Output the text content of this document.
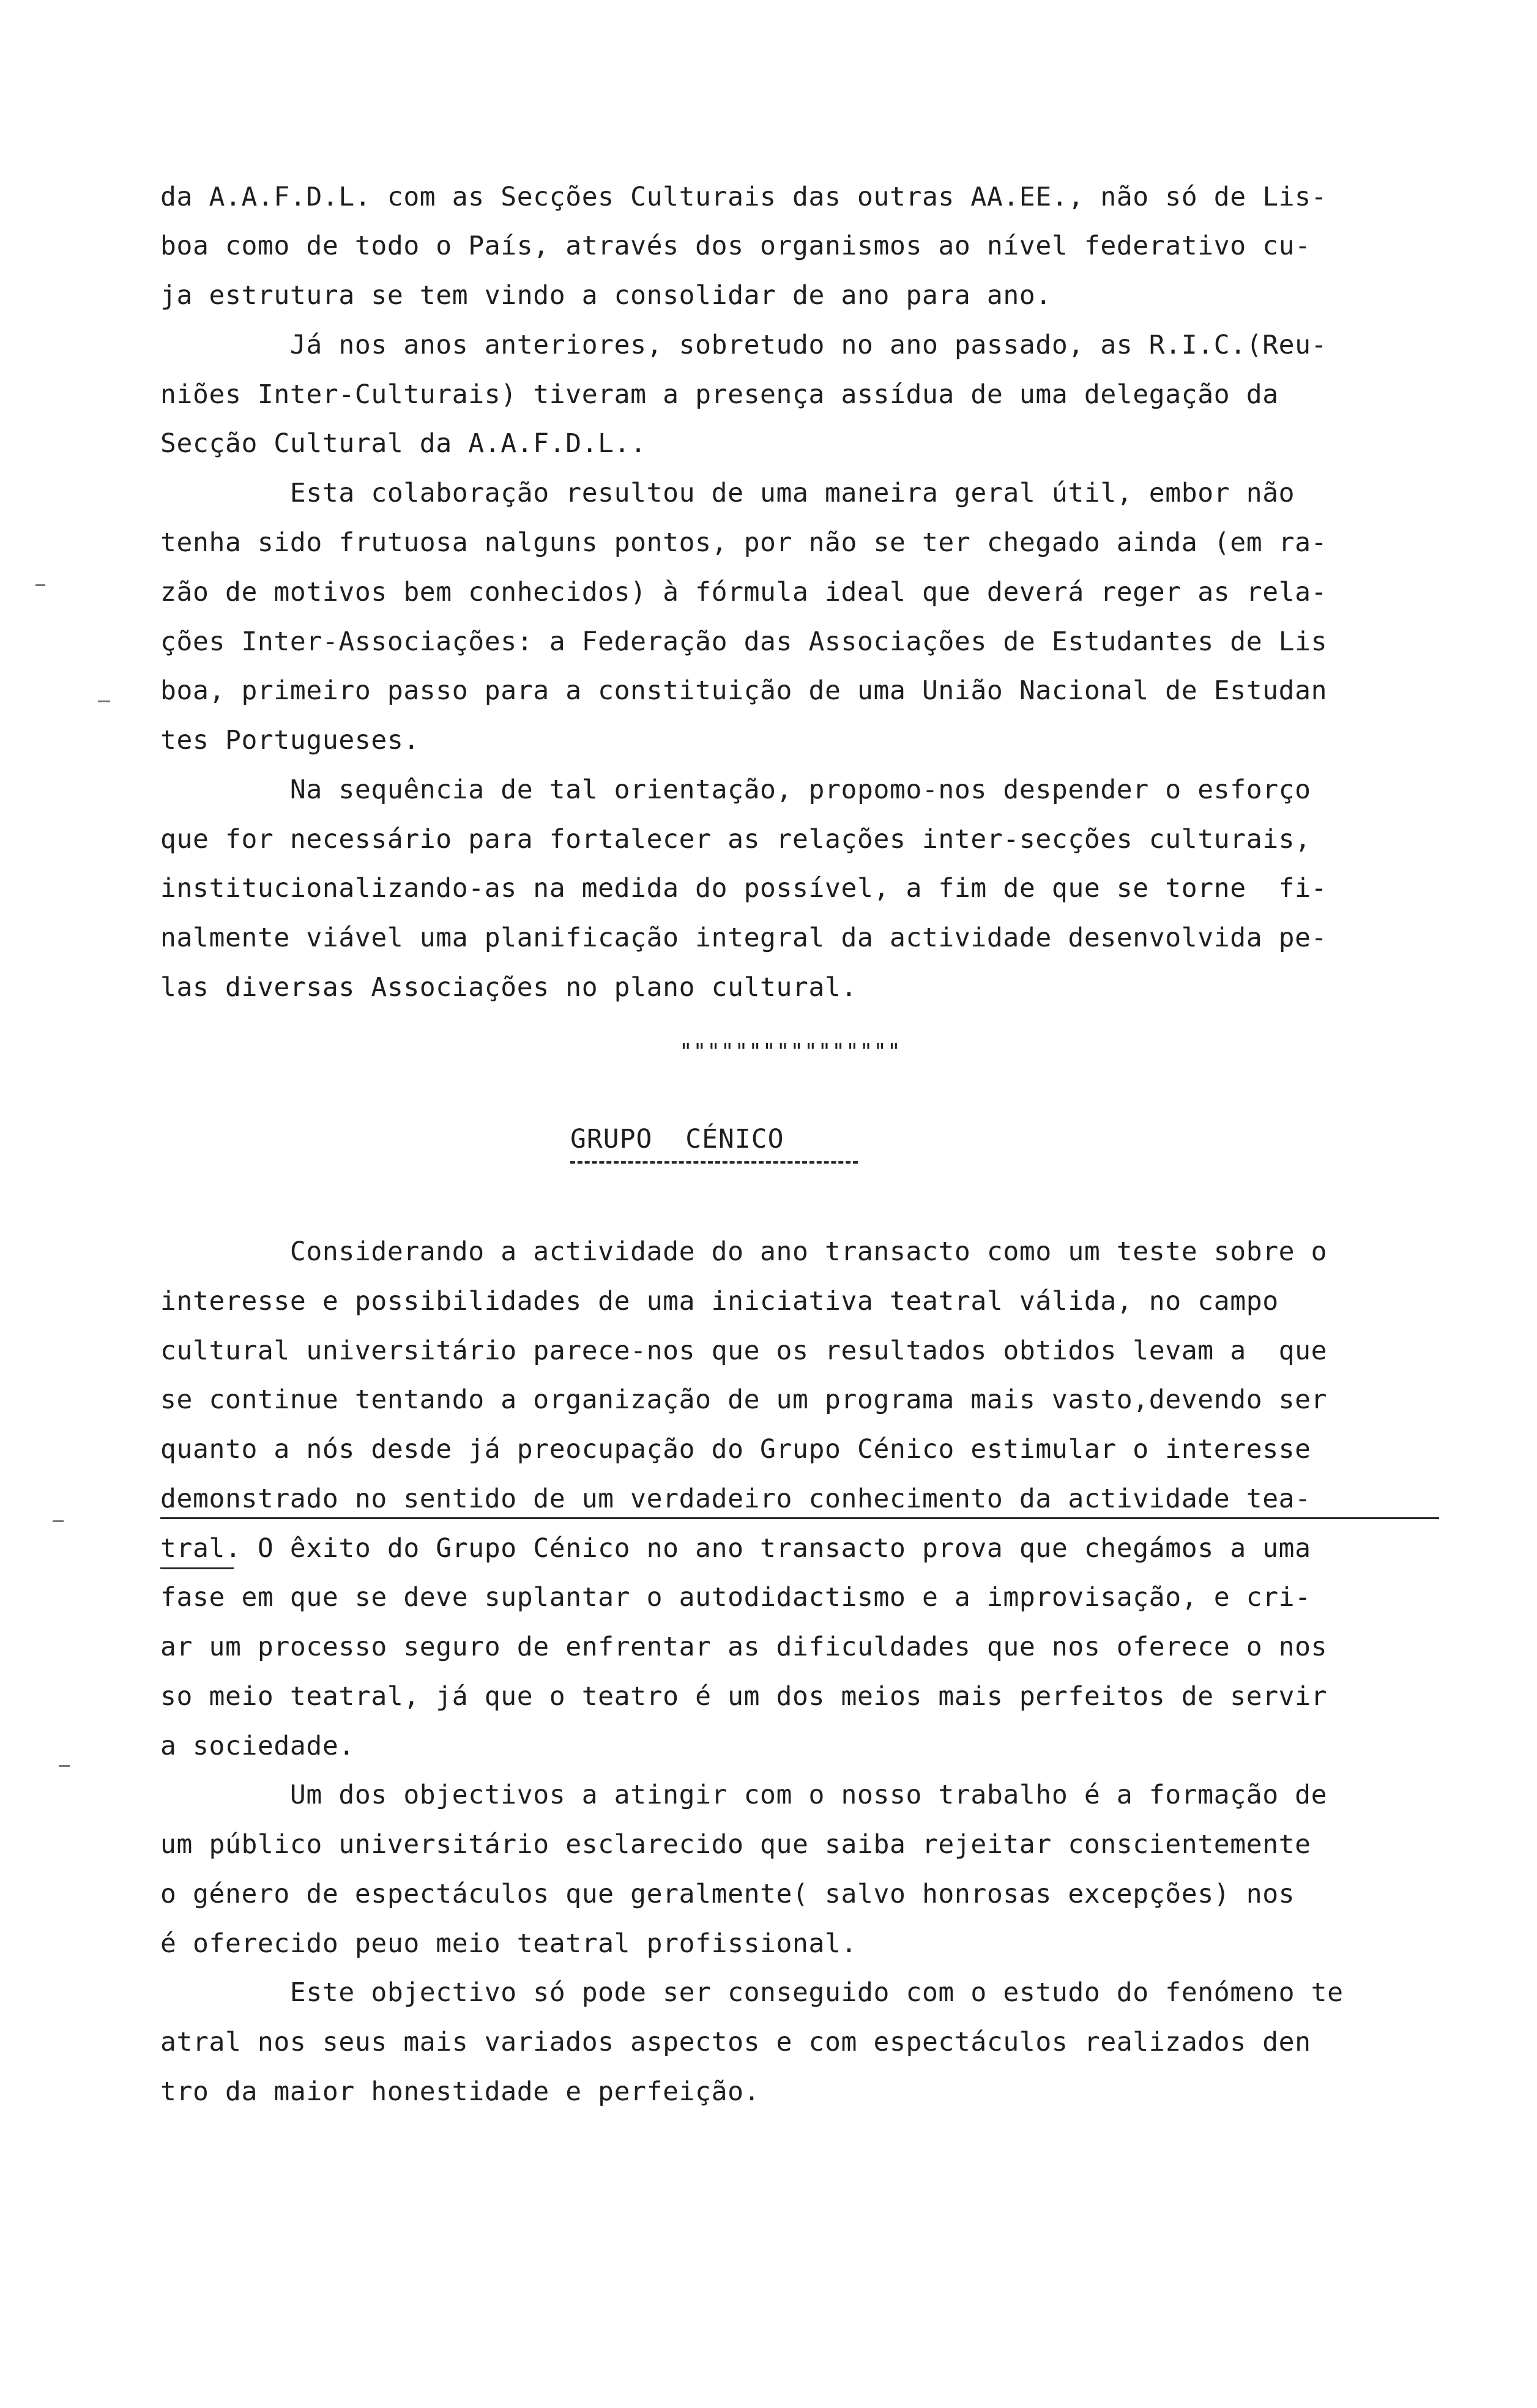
da A.A.F.D.L. com as Secções Culturais das outras AA.EE., não só de Lis-
boa como de todo o País, através dos organismos ao nível federativo cu-
ja estrutura se tem vindo a consolidar de ano para ano.
Já nos anos anteriores, sobretudo no ano passado, as R.I.C.(Reu-
niões Inter-Culturais) tiveram a presença assídua de uma delegação da
Secção Cultural da A.A.F.D.L..
Esta colaboração resultou de uma maneira geral útil, embor não
tenha sido frutuosa nalguns pontos, por não se ter chegado ainda (em ra-
zão de motivos bem conhecidos) à fórmula ideal que deverá reger as rela-
ções Inter-Associações: a Federação das Associações de Estudantes de Lis
boa, primeiro passo para a constituição de uma União Nacional de Estudan
tes Portugueses.
Na sequência de tal orientação, propomo-nos despender o esforço
que for necessário para fortalecer as relações inter-secções culturais,
institucionalizando-as na medida do possível, a fim de que se torne  fi-
nalmente viável uma planificação integral da actividade desenvolvida pe-
las diversas Associações no plano cultural.
""""""""""""""""
GRUPO  CÉNICO
Considerando a actividade do ano transacto como um teste sobre o
interesse e possibilidades de uma iniciativa teatral válida, no campo
cultural universitário parece-nos que os resultados obtidos levam a  que
se continue tentando a organização de um programa mais vasto,devendo ser
quanto a nós desde já preocupação do Grupo Cénico estimular o interesse
demonstrado no sentido de um verdadeiro conhecimento da actividade tea-
tral. O êxito do Grupo Cénico no ano transacto prova que chegámos a uma
fase em que se deve suplantar o autodidactismo e a improvisação, e cri-
ar um processo seguro de enfrentar as dificuldades que nos oferece o nos
so meio teatral, já que o teatro é um dos meios mais perfeitos de servir
a sociedade.
Um dos objectivos a atingir com o nosso trabalho é a formação de
um público universitário esclarecido que saiba rejeitar conscientemente
o género de espectáculos que geralmente( salvo honrosas excepções) nos
é oferecido peuo meio teatral profissional.
Este objectivo só pode ser conseguido com o estudo do fenómeno te
atral nos seus mais variados aspectos e com espectáculos realizados den
tro da maior honestidade e perfeição.
